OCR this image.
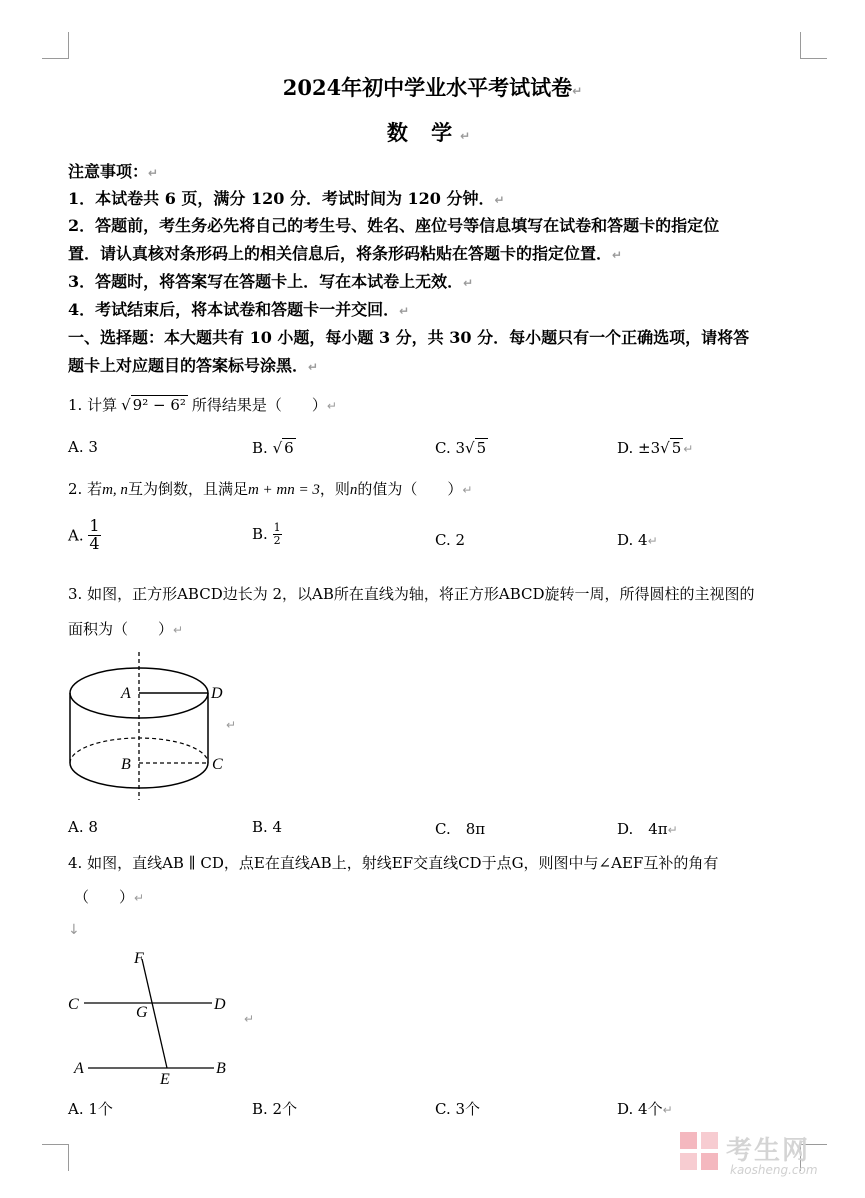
2024年初中学业水平考试试卷↵
数 学↵
注意事项：↵
1．本试卷共 6 页，满分 120 分．考试时间为 120 分钟．↵
2．答题前，考生务必先将自己的考生号、姓名、座位号等信息填写在试卷和答题卡的指定位
置．请认真核对条形码上的相关信息后，将条形码粘贴在答题卡的指定位置．↵
3．答题时，将答案写在答题卡上．写在本试卷上无效．↵
4．考试结束后，将本试卷和答题卡一并交回．↵
一、选择题：本大题共有 10 小题，每小题 3 分，共 30 分．每小题只有一个正确选项，请将答
题卡上对应题目的答案标号涂黑．↵
1. 计算 √ 9² − 6² 所得结果是（　　）↵
A. 3	B. √ 6	C. 3√ 5	D. ±3√ 5 ↵
2. 若m, n互为倒数，且满足m + mn = 3，则n的值为（　　）↵
A. $\frac{1}{4}$	B. $\frac{1}{2}$	C. 2	D. 4↵
3. 如图，正方形ABCD边长为 2，以AB所在直线为轴，将正方形ABCD旋转一周，所得圆柱的主视图的
面积为（　　）↵
A	D
B	C
↵
A. 8	B. 4	C.　8π	D.　4π↵
4. 如图，直线AB ∥ CD，点E在直线AB上，射线EF交直线CD于点G，则图中与∠AEF互补的角有
（　　）↵
↓
F
C	D
G
A	B
E
↵
A. 1个	B. 2个	C. 3个	D. 4个↵
考生网
kaosheng.com
